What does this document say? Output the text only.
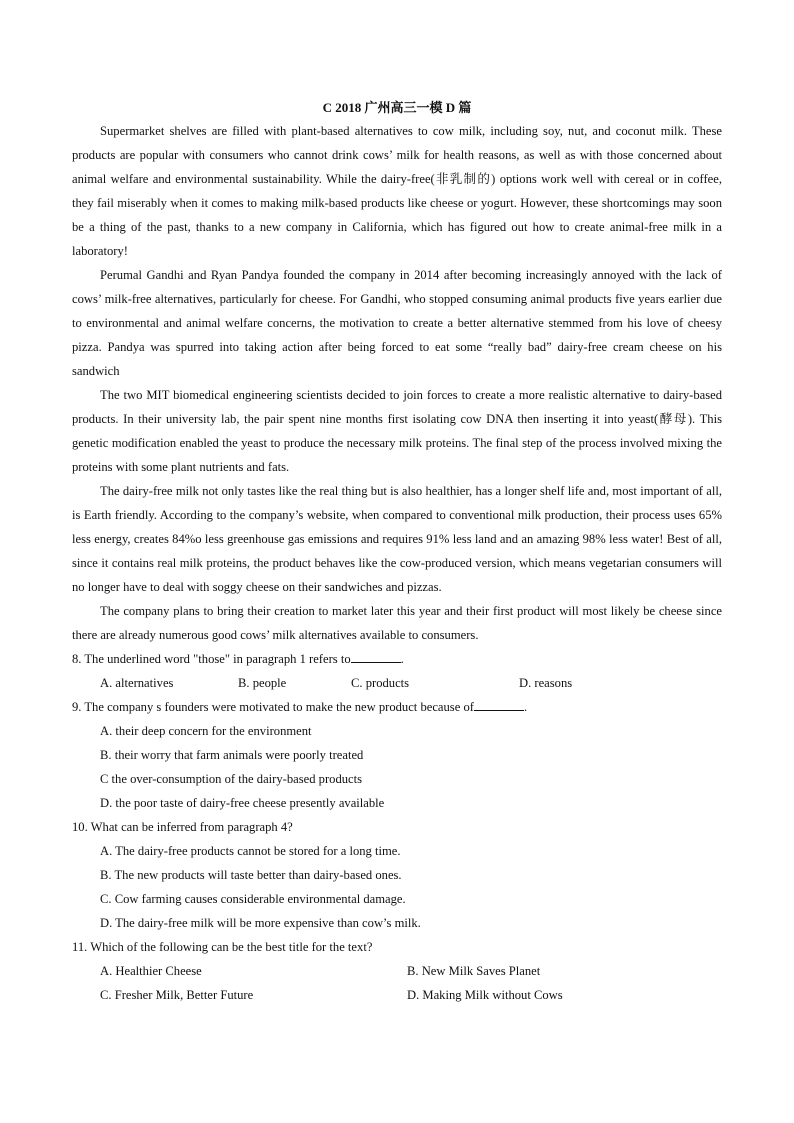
C 2018 广州高三一模 D 篇

Supermarket shelves are filled with plant-based alternatives to cow milk, including soy, nut, and coconut milk. These products are popular with consumers who cannot drink cows’ milk for health reasons, as well as with those concerned about animal welfare and environmental sustainability. While the dairy-free(非乳制的) options work well with cereal or in coffee, they fail miserably when it comes to making milk-based products like cheese or yogurt. However, these shortcomings may soon be a thing of the past, thanks to a new company in California, which has figured out how to create animal-free milk in a laboratory!

Perumal Gandhi and Ryan Pandya founded the company in 2014 after becoming increasingly annoyed with the lack of cows’ milk-free alternatives, particularly for cheese. For Gandhi, who stopped consuming animal products five years earlier due to environmental and animal welfare concerns, the motivation to create a better alternative stemmed from his love of cheesy pizza. Pandya was spurred into taking action after being forced to eat some “really bad” dairy-free cream cheese on his sandwich

The two MIT biomedical engineering scientists decided to join forces to create a more realistic alternative to dairy-based products. In their university lab, the pair spent nine months first isolating cow DNA then inserting it into yeast(酵母). This genetic modification enabled the yeast to produce the necessary milk proteins. The final step of the process involved mixing the proteins with some plant nutrients and fats.

The dairy-free milk not only tastes like the real thing but is also healthier, has a longer shelf life and, most important of all, is Earth friendly. According to the company’s website, when compared to conventional milk production, their process uses 65% less energy, creates 84%o less greenhouse gas emissions and requires 91% less land and an amazing 98% less water! Best of all, since it contains real milk proteins, the product behaves like the cow-produced version, which means vegetarian consumers will no longer have to deal with soggy cheese on their sandwiches and pizzas.

The company plans to bring their creation to market later this year and their first product will most likely be cheese since there are already numerous good cows’ milk alternatives available to consumers.

8. The underlined word "those" in paragraph 1 refers to	.

A. alternatives	B. people	C. products	D. reasons

9. The company s founders were motivated to make the new product because of	.

A. their deep concern for the environment

B. their worry that farm animals were poorly treated

C the over-consumption of the dairy-based products

D. the poor taste of dairy-free cheese presently available

10. What can be inferred from paragraph 4?

A. The dairy-free products cannot be stored for a long time.

B. The new products will taste better than dairy-based ones.

C. Cow farming causes considerable environmental damage.

D. The dairy-free milk will be more expensive than cow’s milk.

11. Which of the following can be the best title for the text?

A. Healthier Cheese	B. New Milk Saves Planet
C. Fresher Milk, Better Future	D. Making Milk without Cows
